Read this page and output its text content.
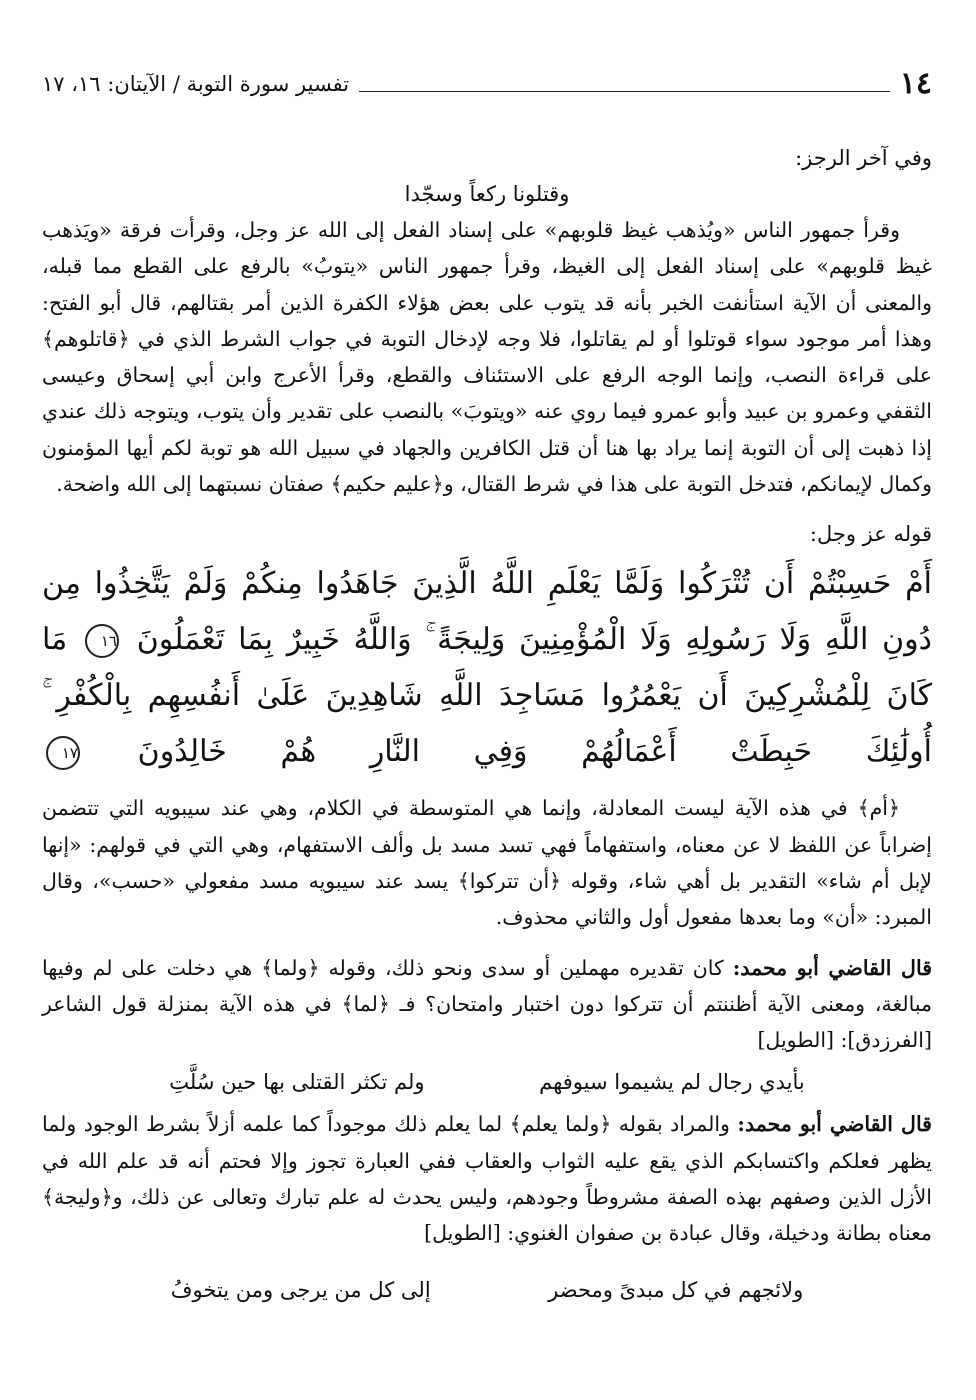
١٤
تفسير سورة التوبة / الآيتان: ١٦، ١٧

وفي آخر الرجز:

وقتلونا ركعاً وسجّدا

وقرأ جمهور الناس «ويُذهب غيظ قلوبهم» على إسناد الفعل إلى الله عز وجل، وقرأت فرقة «ويَذهب غيظ قلوبهم» على إسناد الفعل إلى الغيظ، وقرأ جمهور الناس «يتوبُ» بالرفع على القطع مما قبله، والمعنى أن الآية استأنفت الخبر بأنه قد يتوب على بعض هؤلاء الكفرة الذين أمر بقتالهم، قال أبو الفتح: وهذا أمر موجود سواء قوتلوا أو لم يقاتلوا، فلا وجه لإدخال التوبة في جواب الشرط الذي في ﴿قاتلوهم﴾ على قراءة النصب، وإنما الوجه الرفع على الاستئناف والقطع، وقرأ الأعرج وابن أبي إسحاق وعيسى الثقفي وعمرو بن عبيد وأبو عمرو فيما روي عنه «ويتوبَ» بالنصب على تقدير وأن يتوب، ويتوجه ذلك عندي إذا ذهبت إلى أن التوبة إنما يراد بها هنا أن قتل الكافرين والجهاد في سبيل الله هو توبة لكم أيها المؤمنون وكمال لإيمانكم، فتدخل التوبة على هذا في شرط القتال، و﴿عليم حكيم﴾ صفتان نسبتهما إلى الله واضحة.

قوله عز وجل:

أَمْ حَسِبْتُمْ أَن تُتْرَكُوا وَلَمَّا يَعْلَمِ اللَّهُ الَّذِينَ جَاهَدُوا مِنكُمْ وَلَمْ يَتَّخِذُوا مِن دُونِ اللَّهِ وَلَا رَسُولِهِ وَلَا الْمُؤْمِنِينَ وَلِيجَةً ۚ وَاللَّهُ خَبِيرٌ بِمَا تَعْمَلُونَ ١٦ مَا كَانَ لِلْمُشْرِكِينَ أَن يَعْمُرُوا مَسَاجِدَ اللَّهِ شَاهِدِينَ عَلَىٰ أَنفُسِهِم بِالْكُفْرِ ۚ أُولَٰئِكَ حَبِطَتْ أَعْمَالُهُمْ وَفِي النَّارِ هُمْ خَالِدُونَ ١٧

﴿أم﴾ في هذه الآية ليست المعادلة، وإنما هي المتوسطة في الكلام، وهي عند سيبويه التي تتضمن إضراباً عن اللفظ لا عن معناه، واستفهاماً فهي تسد مسد بل وألف الاستفهام، وهي التي في قولهم: «إنها لإبل أم شاء» التقدير بل أهي شاء، وقوله ﴿أن تتركوا﴾ يسد عند سيبويه مسد مفعولي «حسب»، وقال المبرد: «أن» وما بعدها مفعول أول والثاني محذوف.

قال القاضي أبو محمد: كان تقديره مهملين أو سدى ونحو ذلك، وقوله ﴿ولما﴾ هي دخلت على لم وفيها مبالغة، ومعنى الآية أظننتم أن تتركوا دون اختبار وامتحان؟ فـ ﴿لما﴾ في هذه الآية بمنزلة قول الشاعر [الفرزدق]: [الطويل]

بأيدي رجال لم يشيموا سيوفهم
ولم تكثر القتلى بها حين سُلَّتِ

قال القاضي أبو محمد: والمراد بقوله ﴿ولما يعلم﴾ لما يعلم ذلك موجوداً كما علمه أزلاً بشرط الوجود ولما يظهر فعلكم واكتسابكم الذي يقع عليه الثواب والعقاب ففي العبارة تجوز وإلا فحتم أنه قد علم الله في الأزل الذين وصفهم بهذه الصفة مشروطاً وجودهم، وليس يحدث له علم تبارك وتعالى عن ذلك، و﴿وليجة﴾ معناه بطانة ودخيلة، وقال عبادة بن صفوان الغنوي: [الطويل]

ولائجهم في كل مبدىً ومحضر
إلى كل من يرجى ومن يتخوفُ
